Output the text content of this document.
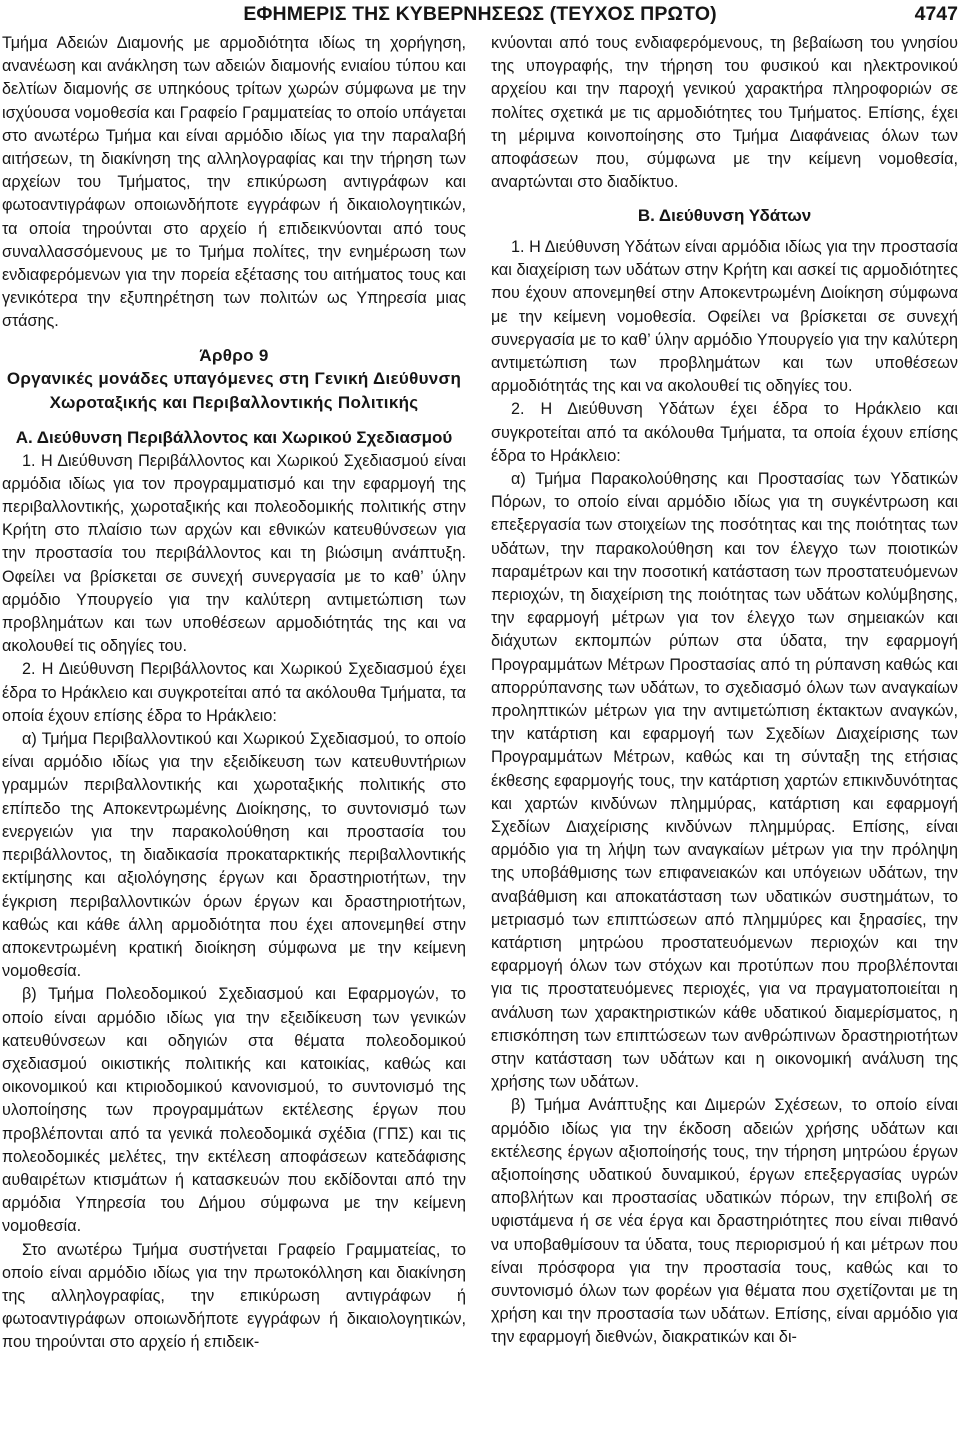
ΕΦΗΜΕΡΙΣ ΤΗΣ ΚΥΒΕΡΝΗΣΕΩΣ (ΤΕΥΧΟΣ ΠΡΩΤΟ)	4747

Τμήμα Αδειών Διαμονής με αρμοδιότητα ιδίως τη χορήγηση, ανανέωση και ανάκληση των αδειών διαμονής ενιαίου τύπου και δελτίων διαμονής σε υπηκόους τρίτων χωρών σύμφωνα με την ισχύουσα νομοθεσία και Γραφείο Γραμματείας το οποίο υπάγεται στο ανωτέρω Τμήμα και είναι αρμόδιο ιδίως για την παραλαβή αιτήσεων, τη διακίνηση της αλληλογραφίας και την τήρηση των αρχείων του Τμήματος, την επικύρωση αντιγράφων και φωτοαντιγράφων οποιωνδήποτε εγγράφων ή δικαιολογητικών, τα οποία τηρούνται στο αρχείο ή επιδεικνύονται από τους συναλλασσόμενους με το Τμήμα πολίτες, την ενημέρωση των ενδιαφερόμενων για την πορεία εξέτασης του αιτήματος τους και γενικότερα την εξυπηρέτηση των πολιτών ως Υπηρεσία μιας στάσης.

Άρθρο 9
Οργανικές μονάδες υπαγόμενες στη Γενική Διεύθυνση Χωροταξικής και Περιβαλλοντικής Πολιτικής
Α. Διεύθυνση Περιβάλλοντος και Χωρικού Σχεδιασμού

1. Η Διεύθυνση Περιβάλλοντος και Χωρικού Σχεδιασμού είναι αρμόδια ιδίως για τον προγραμματισμό και την εφαρμογή της περιβαλλοντικής, χωροταξικής και πολεοδομικής πολιτικής στην Κρήτη στο πλαίσιο των αρχών και εθνικών κατευθύνσεων για την προστασία του περιβάλλοντος και τη βιώσιμη ανάπτυξη. Οφείλει να βρίσκεται σε συνεχή συνεργασία με το καθ’ ύλην αρμόδιο Υπουργείο για την καλύτερη αντιμετώπιση των προβλημάτων και των υποθέσεων αρμοδιότητάς της και να ακολουθεί τις οδηγίες του.

2. Η Διεύθυνση Περιβάλλοντος και Χωρικού Σχεδιασμού έχει έδρα το Ηράκλειο και συγκροτείται από τα ακόλουθα Τμήματα, τα οποία έχουν επίσης έδρα το Ηράκλειο:

α) Τμήμα Περιβαλλοντικού και Χωρικού Σχεδιασμού, το οποίο είναι αρμόδιο ιδίως για την εξειδίκευση των κατευθυντήριων γραμμών περιβαλλοντικής και χωροταξικής πολιτικής στο επίπεδο της Αποκεντρωμένης Διοίκησης, το συντονισμό των ενεργειών για την παρακολούθηση και προστασία του περιβάλλοντος, τη διαδικασία προκαταρκτικής περιβαλλοντικής εκτίμησης και αξιολόγησης έργων και δραστηριοτήτων, την έγκριση περιβαλλοντικών όρων έργων και δραστηριοτήτων, καθώς και κάθε άλλη αρμοδιότητα που έχει απονεμηθεί στην αποκεντρωμένη κρατική διοίκηση σύμφωνα με την κείμενη νομοθεσία.

β) Τμήμα Πολεοδομικού Σχεδιασμού και Εφαρμογών, το οποίο είναι αρμόδιο ιδίως για την εξειδίκευση των γενικών κατευθύνσεων και οδηγιών στα θέματα πολεοδομικού σχεδιασμού οικιστικής πολιτικής και κατοικίας, καθώς και οικονομικού και κτιριοδομικού κανονισμού, το συντονισμό της υλοποίησης των προγραμμάτων εκτέλεσης έργων που προβλέπονται από τα γενικά πολεοδομικά σχέδια (ΓΠΣ) και τις πολεοδομικές μελέτες, την εκτέλεση αποφάσεων κατεδάφισης αυθαιρέτων κτισμάτων ή κατασκευών που εκδίδονται από την αρμόδια Υπηρεσία του Δήμου σύμφωνα με την κείμενη νομοθεσία.

Στο ανωτέρω Τμήμα συστήνεται Γραφείο Γραμματείας, το οποίο είναι αρμόδιο ιδίως για την πρωτοκόλληση και διακίνηση της αλληλογραφίας, την επικύρωση αντιγράφων ή φωτοαντιγράφων οποιωνδήποτε εγγράφων ή δικαιολογητικών, που τηρούνται στο αρχείο ή επιδεικ-

κνύονται από τους ενδιαφερόμενους, τη βεβαίωση του γνησίου της υπογραφής, την τήρηση του φυσικού και ηλεκτρονικού αρχείου και την παροχή γενικού χαρακτήρα πληροφοριών σε πολίτες σχετικά με τις αρμοδιότητες του Τμήματος. Επίσης, έχει τη μέριμνα κοινοποίησης στο Τμήμα Διαφάνειας όλων των αποφάσεων που, σύμφωνα με την κείμενη νομοθεσία, αναρτώνται στο διαδίκτυο.

Β. Διεύθυνση Υδάτων

1. Η Διεύθυνση Υδάτων είναι αρμόδια ιδίως για την προστασία και διαχείριση των υδάτων στην Κρήτη και ασκεί τις αρμοδιότητες που έχουν απονεμηθεί στην Αποκεντρωμένη Διοίκηση σύμφωνα με την κείμενη νομοθεσία. Οφείλει να βρίσκεται σε συνεχή συνεργασία με το καθ’ ύλην αρμόδιο Υπουργείο για την καλύτερη αντιμετώπιση των προβλημάτων και των υποθέσεων αρμοδιότητάς της και να ακολουθεί τις οδηγίες του.

2. Η Διεύθυνση Υδάτων έχει έδρα το Ηράκλειο και συγκροτείται από τα ακόλουθα Τμήματα, τα οποία έχουν επίσης έδρα το Ηράκλειο:

α) Τμήμα Παρακολούθησης και Προστασίας των Υδατικών Πόρων, το οποίο είναι αρμόδιο ιδίως για τη συγκέντρωση και επεξεργασία των στοιχείων της ποσότητας και της ποιότητας των υδάτων, την παρακολούθηση και τον έλεγχο των ποιοτικών παραμέτρων και την ποσοτική κατάσταση των προστατευόμενων περιοχών, τη διαχείριση της ποιότητας των υδάτων κολύμβησης, την εφαρμογή μέτρων για τον έλεγχο των σημειακών και διάχυτων εκπομπών ρύπων στα ύδατα, την εφαρμογή Προγραμμάτων Μέτρων Προστασίας από τη ρύπανση καθώς και απορρύπανσης των υδάτων, το σχεδιασμό όλων των αναγκαίων προληπτικών μέτρων για την αντιμετώπιση έκτακτων αναγκών, την κατάρτιση και εφαρμογή των Σχεδίων Διαχείρισης των Προγραμμάτων Μέτρων, καθώς και τη σύνταξη της ετήσιας έκθεσης εφαρμογής τους, την κατάρτιση χαρτών επικινδυνότητας και χαρτών κινδύνων πλημμύρας, κατάρτιση και εφαρμογή Σχεδίων Διαχείρισης κινδύνων πλημμύρας. Επίσης, είναι αρμόδιο για τη λήψη των αναγκαίων μέτρων για την πρόληψη της υποβάθμισης των επιφανειακών και υπόγειων υδάτων, την αναβάθμιση και αποκατάσταση των υδατικών συστημάτων, το μετριασμό των επιπτώσεων από πλημμύρες και ξηρασίες, την κατάρτιση μητρώου προστατευόμενων περιοχών και την εφαρμογή όλων των στόχων και προτύπων που προβλέπονται για τις προστατευόμενες περιοχές, για να πραγματοποιείται η ανάλυση των χαρακτηριστικών κάθε υδατικού διαμερίσματος, η επισκόπηση των επιπτώσεων των ανθρώπινων δραστηριοτήτων στην κατάσταση των υδάτων και η οικονομική ανάλυση της χρήσης των υδάτων.

β) Τμήμα Ανάπτυξης και Διμερών Σχέσεων, το οποίο είναι αρμόδιο ιδίως για την έκδοση αδειών χρήσης υδάτων και εκτέλεσης έργων αξιοποίησής τους, την τήρηση μητρώου έργων αξιοποίησης υδατικού δυναμικού, έργων επεξεργασίας υγρών αποβλήτων και προστασίας υδατικών πόρων, την επιβολή σε υφιστάμενα ή σε νέα έργα και δραστηριότητες που είναι πιθανό να υποβαθμίσουν τα ύδατα, τους περιορισμού ή και μέτρων που είναι πρόσφορα για την προστασία τους, καθώς και το συντονισμό όλων των φορέων για θέματα που σχετίζονται με τη χρήση και την προστασία των υδάτων. Επίσης, είναι αρμόδιο για την εφαρμογή διεθνών, διακρατικών και δι-
